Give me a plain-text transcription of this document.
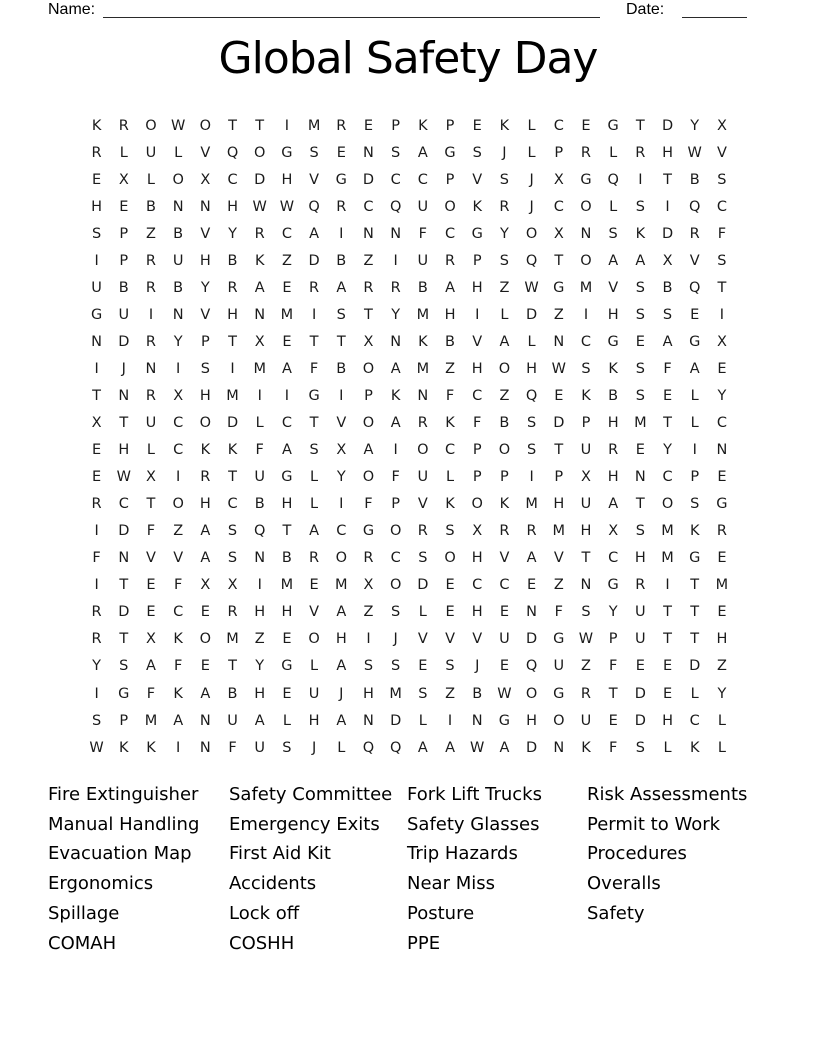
Name:	Date:
Global Safety Day
K	R	O W O	T	T	I	M	R	E	P	K	P	E	K	L	C	E	G	T	D	Y	X
R	L	U	L	V	Q	O	G	S	E	N	S	A	G	S	J	L	P	R	L	R	H	W	V
E	X	L	O	X	C	D	H	V	G	D	C	C	P	V	S	J	X	G	Q	I	T	B	S
H	E	B	N	N	H	W W Q	R	C	Q	U	O	K	R	J	C	O	L	S	I	Q	C
S	P	Z	B	V	Y	R	C	A	I	N	N	F	C	G	Y	O	X	N	S	K	D	R	F
I	P	R	U	H	B	K	Z	D	B	Z	I	U	R	P	S	Q	T	O	A	A	X	V	S
U	B	R	B	Y	R	A	E	R	A	R	R	B	A	H	Z	W G	M	V	S	B	Q	T
G	U	I	N	V	H	N	M	I	S	T	Y	M	H	I	L	D	Z	I	H	S	S	E	I
N	D	R	Y	P	T	X	E	T	T	X	N	K	B	V	A	L	N	C	G	E	A	G	X
I	J	N	I	S	I	M	A	F	B	O	A	M	Z	H	O	H	W	S	K	S	F	A	E
T	N	R	X	H	M	I	I	G	I	P	K	N	F	C	Z	Q	E	K	B	S	E	L	Y
X	T	U	C	O	D	L	C	T	V	O	A	R	K	F	B	S	D	P	H	M	T	L	C
E	H	L	C	K	K	F	A	S	X	A	I	O	C	P	O	S	T	U	R	E	Y	I	N
E	W	X	I	R	T	U	G	L	Y	O	F	U	L	P	P	I	P	X	H	N	C	P	E
R	C	T	O	H	C	B	H	L	I	F	P	V	K	O	K	M	H	U	A	T	O	S	G
I	D	F	Z	A	S	Q	T	A	C	G	O	R	S	X	R	R	M	H	X	S	M	K	R
F	N	V	V	A	S	N	B	R	O	R	C	S	O	H	V	A	V	T	C	H	M	G	E
I	T	E	F	X	X	I	M	E	M	X	O	D	E	C	C	E	Z	N	G	R	I	T	M
R	D	E	C	E	R	H	H	V	A	Z	S	L	E	H	E	N	F	S	Y	U	T	T	E
R	T	X	K	O	M	Z	E	O	H	I	J	V	V	V	U	D	G W	P	U	T	T	H
Y	S	A	F	E	T	Y	G	L	A	S	S	E	S	J	E	Q	U	Z	F	E	E	D	Z
I	G	F	K	A	B	H	E	U	J	H	M	S	Z	B	W O	G	R	T	D	E	L	Y
S	P	M	A	N	U	A	L	H	A	N	D	L	I	N	G	H	O	U	E	D	H	C	L
W	K	K	I	N	F	U	S	J	L	Q	Q	A	A	W	A	D	N	K	F	S	L	K	L
Fire Extinguisher
Manual Handling
Evacuation Map
Ergonomics
Spillage
COMAH
Safety Committee
Emergency Exits
First Aid Kit
Accidents
Lock off
COSHH
Fork Lift Trucks
Safety Glasses
Trip Hazards
Near Miss
Posture
PPE
Risk Assessments
Permit to Work
Procedures
Overalls
Safety
